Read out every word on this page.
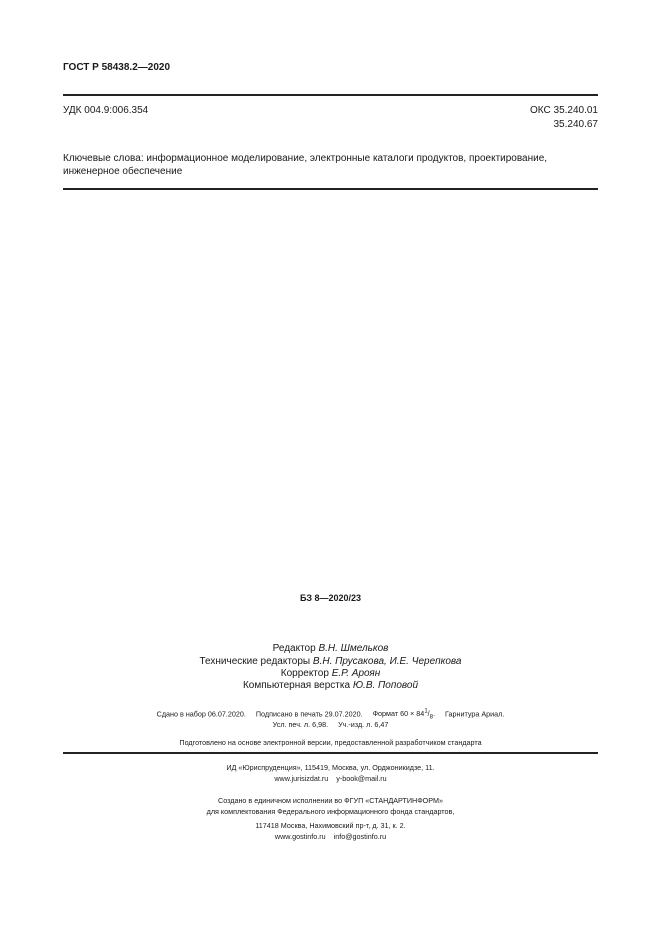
ГОСТ Р 58438.2—2020
УДК 004.9:006.354	ОКС 35.240.01
35.240.67
Ключевые слова: информационное моделирование, электронные каталоги продуктов, проектирование,
инженерное обеспечение
БЗ 8—2020/23
Редактор В.Н. Шмельков
Технические редакторы В.Н. Прусакова, И.Е. Черепкова
Корректор Е.Р. Ароян
Компьютерная верстка Ю.В. Поповой
Сдано в набор 06.07.2020. Подписано в печать 29.07.2020. Формат $60 \times 84^1/_8$. Гарнитура Ариал.
Усл. печ. л. 6,98. Уч.-изд. л. 6,47
Подготовлено на основе электронной версии, предоставленной разработчиком стандарта
ИД «Юриспруденция», 115419, Москва, ул. Орджоникидзе, 11.
www.jurisizdat.ru y-book@mail.ru
Создано в единичном исполнении во ФГУП «СТАНДАРТИНФОРМ»
для комплектования Федерального информационного фонда стандартов,
117418 Москва, Нахимовский пр-т, д. 31, к. 2.
www.gostinfo.ru info@gostinfo.ru
